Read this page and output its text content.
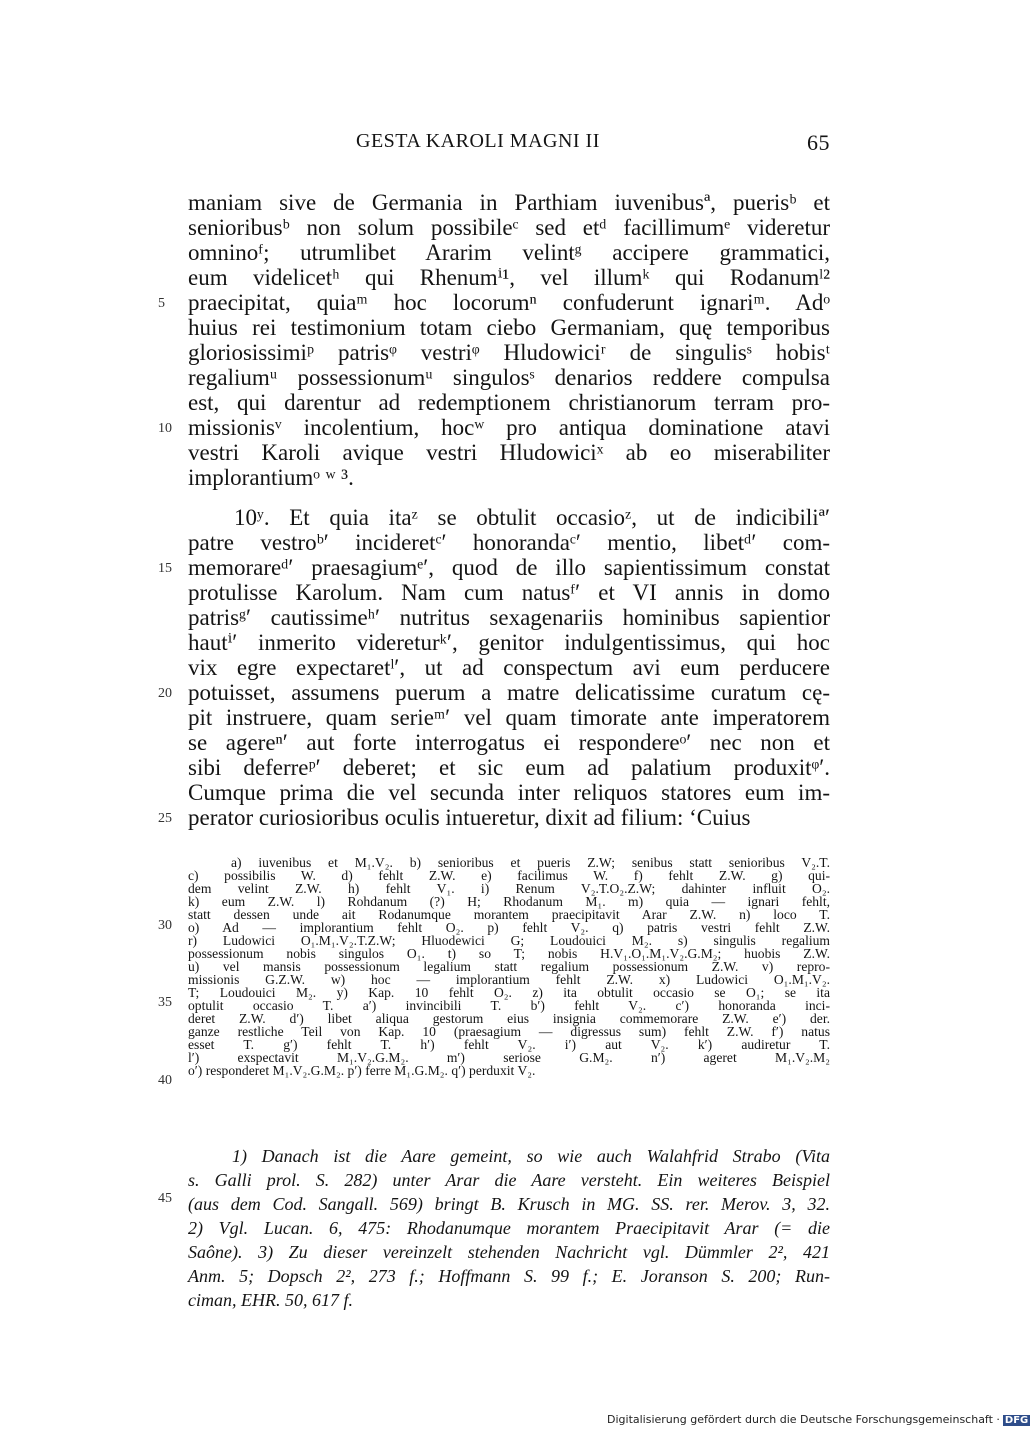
GESTA KAROLI MAGNI II	65
maniam sive de Germania in Parthiam iuvenibusª, puerisᵇ et
senioribusᵇ non solum possibileᶜ sed etᵈ facillimumᵉ videretur
omninoᶠ; utrumlibet Ararim velintᵍ accipere grammatici,
eum videlicetʰ qui Rhenumⁱ¹, vel illumᵏ qui Rodanumˡ²
praecipitat, quiaᵐ hoc locorumⁿ confuderunt ignariᵐ. Adᵒ
huius rei testimonium totam ciebo Germaniam, quę temporibus
gloriosissimiᵖ patrisᵠ vestriᵠ Hludowiciʳ de singulisˢ hobisᵗ
regaliumᵘ possessionumᵘ singulosˢ denarios reddere compulsa
est, qui darentur ad redemptionem christianorum terram pro-
missionisᵛ incolentium, hocʷ pro antiqua dominatione atavi
vestri Karoli avique vestri Hludowiciˣ ab eo miserabiliter
implorantiumᵒ ʷ ³.
10ʸ. Et quia itaᶻ se obtulit occasioᶻ, ut de indicibiliª′
patre vestroᵇ′ incideretᶜ′ honorandaᶜ′ mentio, libetᵈ′ com-
memorareᵈ′ praesagiumᵉ′, quod de illo sapientissimum constat
protulisse Karolum. Nam cum natusᶠ′ et VI annis in domo
patrisᵍ′ cautissimeʰ′ nutritus sexagenariis hominibus sapientior
hautⁱ′ inmerito videreturᵏ′, genitor indulgentissimus, qui hoc
vix egre expectaretˡ′, ut ad conspectum avi eum perducere
potuisset, assumens puerum a matre delicatissime curatum cę-
pit instruere, quam serieᵐ′ vel quam timorate ante imperatorem
se agereⁿ′ aut forte interrogatus ei respondereᵒ′ nec non et
sibi deferreᵖ′ deberet; et sic eum ad palatium produxitᵠ′.
Cumque prima die vel secunda inter reliquos statores eum im-
perator curiosioribus oculis intueretur, dixit ad filium: ‘Cuius
a) iuvenibus et M₁.V₂. b) senioribus et pueris Z.W; senibus statt senioribus V₂.T.
c) possibilis W. d) fehlt Z.W. e) facilimus W. f) fehlt Z.W. g) qui-
dem velint Z.W. h) fehlt V₁. i) Renum V₂.T.O₂.Z.W; dahinter influit O₂.
k) eum Z.W. l) Rohdanum (?) H; Rhodanum M₁. m) quia — ignari fehlt,
statt dessen unde ait Rodanumque morantem praecipitavit Arar Z.W. n) loco T.
o) Ad — implorantium fehlt O₂. p) fehlt V₂. q) patris vestri fehlt Z.W.
r) Ludowici O₁.M₁.V₂.T.Z.W; Hluodewici G; Loudouici M₂. s) singulis regalium
possessionum nobis singulos O₁. t) so T; nobis H.V₁.O₁.M₁.V₂.G.M₂; huobis Z.W.
u) vel mansis possessionum legalium statt regalium possessionum Z.W. v) repro-
missionis G.Z.W. w) hoc — implorantium fehlt Z.W. x) Ludowici O₁.M₁.V₂.
T; Loudouici M₂. y) Kap. 10 fehlt O₂. z) ita obtulit occasio se O₁; se ita
optulit occasio T. a′) invincibili T. b′) fehlt V₂. c′) honoranda inci-
deret Z.W. d′) libet aliqua gestorum eius insignia commemorare Z.W. e′) der.
ganze restliche Teil von Kap. 10 (praesagium — digressus sum) fehlt Z.W. f′) natus
esset T. g′) fehlt T. h′) fehlt V₂. i′) aut V₂. k′) audiretur T.
l′) exspectavit M₁.V₂.G.M₂. m′) seriose G.M₂. n′) ageret M₁.V₂.M₂
o′) responderet M₁.V₂.G.M₂. p′) ferre M₁.G.M₂. q′) perduxit V₂.
1) Danach ist die Aare gemeint, so wie auch Walahfrid Strabo (Vita
s. Galli prol. S. 282) unter Arar die Aare versteht. Ein weiteres Beispiel
(aus dem Cod. Sangall. 569) bringt B. Krusch in MG. SS. rer. Merov. 3, 32.
2) Vgl. Lucan. 6, 475: Rhodanumque morantem Praecipitavit Arar (= die
Saône). 3) Zu dieser vereinzelt stehenden Nachricht vgl. Dümmler 2², 421
Anm. 5; Dopsch 2², 273 f.; Hoffmann S. 99 f.; E. Joranson S. 200; Run-
ciman, EHR. 50, 617 f.
5
10
15
20
25
30
35
40
45
Digitalisierung gefördert durch die Deutsche Forschungsgemeinschaft · DFG
